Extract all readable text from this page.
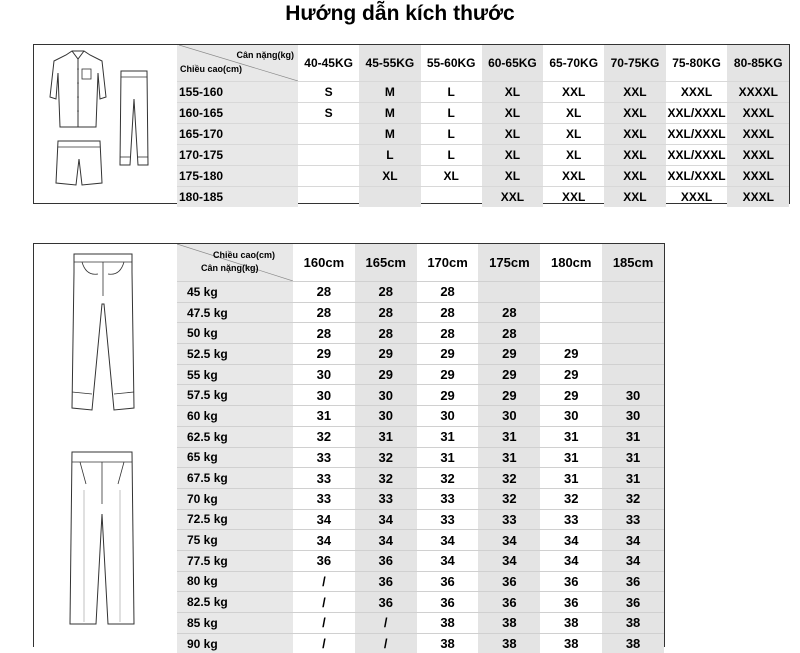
Hướng dẫn kích thước
Cân nặng(kg)
Chiều cao(cm)	40-45KG	45-55KG	55-60KG	60-65KG	65-70KG	70-75KG	75-80KG	80-85KG
155-160	S	M	L	XL	XXL	XXL	XXXL	XXXXL
160-165	S	M	L	XL	XL	XXL	XXL/XXXL	XXXL
165-170		M	L	XL	XL	XXL	XXL/XXXL	XXXL
170-175		L	L	XL	XL	XXL	XXL/XXXL	XXXL
175-180		XL	XL	XL	XXL	XXL	XXL/XXXL	XXXL
180-185				XXL	XXL	XXL	XXXL	XXXL
Chiều cao(cm)
Cân nặng(kg)	160cm	165cm	170cm	175cm	180cm	185cm
45 kg	28	28	28			
47.5 kg	28	28	28	28		
50 kg	28	28	28	28		
52.5 kg	29	29	29	29	29	
55 kg	30	29	29	29	29	
57.5 kg	30	30	29	29	29	30
60 kg	31	30	30	30	30	30
62.5 kg	32	31	31	31	31	31
65 kg	33	32	31	31	31	31
67.5 kg	33	32	32	32	31	31
70 kg	33	33	33	32	32	32
72.5 kg	34	34	33	33	33	33
75 kg	34	34	34	34	34	34
77.5 kg	36	36	34	34	34	34
80 kg	/	36	36	36	36	36
82.5 kg	/	36	36	36	36	36
85 kg	/	/	38	38	38	38
90 kg	/	/	38	38	38	38
